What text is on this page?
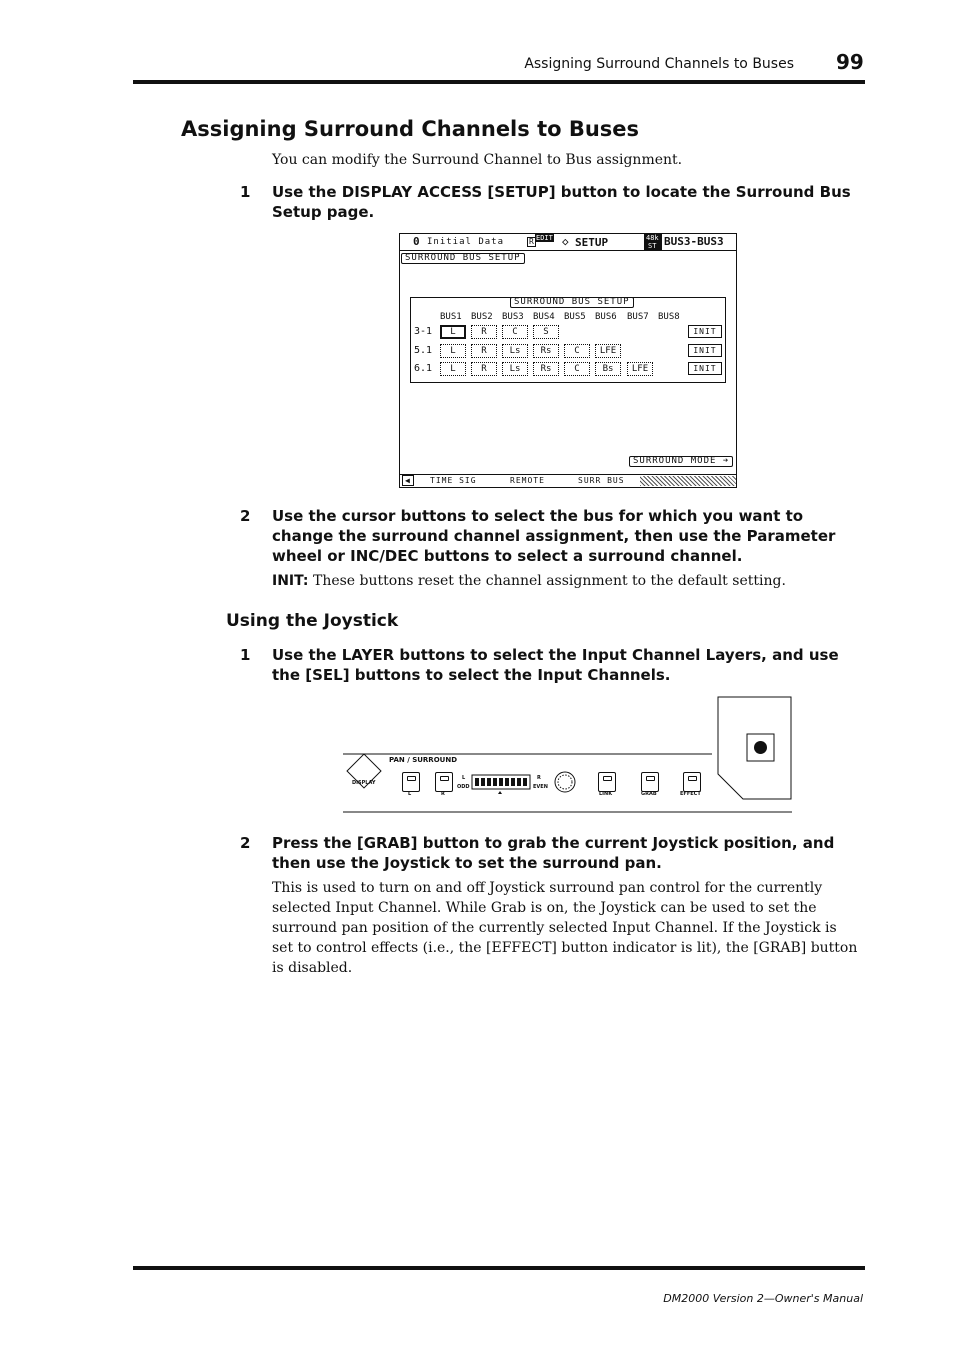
Assigning Surround Channels to Buses 99
Assigning Surround Channels to Buses
You can modify the Surround Channel to Bus assignment.
1 Use the DISPLAY ACCESS [SETUP] button to locate the Surround Bus Setup page.
0 Initial Data	R EDIT ◇ SETUP	48k
ST BUS3-BUS3
SURROUND BUS SETUP
SURROUND BUS SETUP
BUS1 BUS2 BUS3 BUS4 BUS5 BUS6 BUS7 BUS8
3-1	L	R	C	S	INIT
5.1	L	R	Ls	Rs	C	LFE	INIT
6.1	L	R	Ls	Rs	C	Bs	LFE	INIT
SURROUND MODE ➔
◀	TIME SIG	REMOTE	SURR BUS
2 Use the cursor buttons to select the bus for which you want to change the surround channel assignment, then use the Parameter wheel or INC/DEC buttons to select a surround channel.
INIT: These buttons reset the channel assignment to the default setting.
Using the Joystick
1 Use the LAYER buttons to select the Input Channel Layers, and use the [SEL] buttons to select the Input Channels.
DISPLAY
PAN / SURROUND
L	R
L
ODD
R
EVEN
LINK	GRAB	EFFECT
2 Press the [GRAB] button to grab the current Joystick position, and then use the Joystick to set the surround pan.
This is used to turn on and off Joystick surround pan control for the currently selected Input Channel. While Grab is on, the Joystick can be used to set the surround pan position of the currently selected Input Channel. If the Joystick is set to control effects (i.e., the [EFFECT] button indicator is lit), the [GRAB] button is disabled.
DM2000 Version 2—Owner's Manual
